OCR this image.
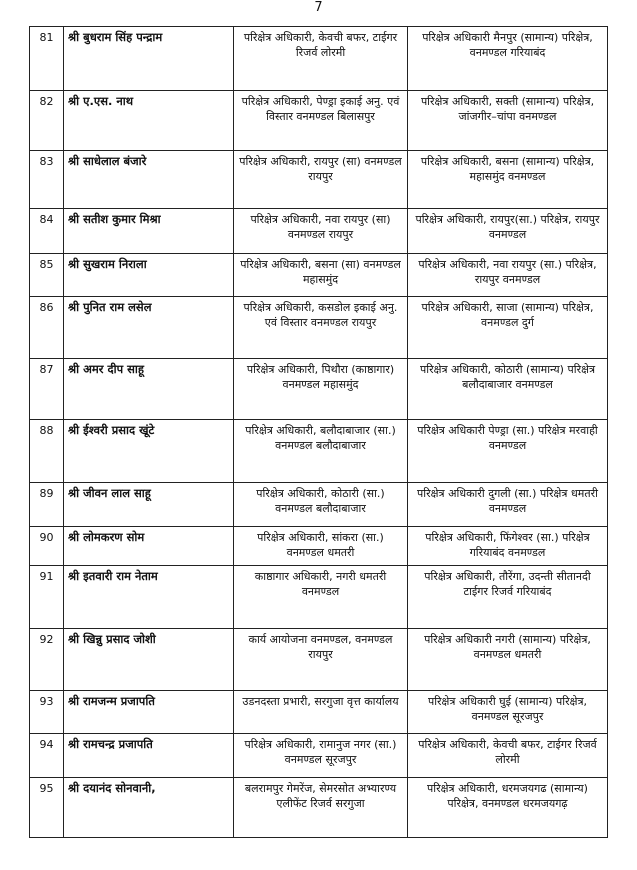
7
81	श्री बुधराम सिंह पन्द्राम	परिक्षेत्र अधिकारी, केवची बफर, टाईगर रिजर्व लोरमी	परिक्षेत्र अधिकारी मैनपुर (सामान्य) परिक्षेत्र, वनमण्डल गरियाबंद
82	श्री ए.एस. नाथ	परिक्षेत्र अधिकारी, पेण्ड्रा इकाई अनु. एवं विस्तार वनमण्डल बिलासपुर	परिक्षेत्र अधिकारी, सक्ती (सामान्य) परिक्षेत्र, जांजगीर–चांपा वनमण्डल
83	श्री साधेलाल बंजारे	परिक्षेत्र अधिकारी, रायपुर (सा) वनमण्डल रायपुर	परिक्षेत्र अधिकारी, बसना (सामान्य) परिक्षेत्र, महासमुंद वनमण्डल
84	श्री सतीश कुमार मिश्रा	परिक्षेत्र अधिकारी, नवा रायपुर (सा) वनमण्डल रायपुर	परिक्षेत्र अधिकारी, रायपुर(सा.) परिक्षेत्र, रायपुर वनमण्डल
85	श्री सुखराम निराला	परिक्षेत्र अधिकारी, बसना (सा) वनमण्डल महासमुंद	परिक्षेत्र अधिकारी, नवा रायपुर (सा.) परिक्षेत्र, रायपुर वनमण्डल
86	श्री पुनित राम लसेल	परिक्षेत्र अधिकारी, कसडोल इकाई अनु. एवं विस्तार वनमण्डल रायपुर	परिक्षेत्र अधिकारी, साजा (सामान्य) परिक्षेत्र, वनमण्डल दुर्ग
87	श्री अमर दीप साहू	परिक्षेत्र अधिकारी, पिथौरा (काष्ठागार) वनमण्डल महासमुंद	परिक्षेत्र अधिकारी, कोठारी (सामान्य) परिक्षेत्र बलौदाबाजार वनमण्डल
88	श्री ईश्वरी प्रसाद खूंटे	परिक्षेत्र अधिकारी, बलौदाबाजार (सा.) वनमण्डल बलौदाबाजार	परिक्षेत्र अधिकारी पेण्ड्रा (सा.) परिक्षेत्र मरवाही वनमण्डल
89	श्री जीवन लाल साहू	परिक्षेत्र अधिकारी, कोठारी (सा.) वनमण्डल बलौदाबाजार	परिक्षेत्र अधिकारी दुगली (सा.) परिक्षेत्र धमतरी वनमण्डल
90	श्री लोमकरण सोम	परिक्षेत्र अधिकारी, सांकरा (सा.) वनमण्डल धमतरी	परिक्षेत्र अधिकारी, फिंगेश्वर (सा.) परिक्षेत्र गरियाबंद वनमण्डल
91	श्री इतवारी राम नेताम	काष्ठागार अधिकारी, नगरी धमतरी वनमण्डल	परिक्षेत्र अधिकारी, तौरेंगा, उदन्ती सीतानदी टाईगर रिजर्व गरियाबंद
92	श्री खिन्नु प्रसाद जोशी	कार्य आयोजना वनमण्डल, वनमण्डल रायपुर	परिक्षेत्र अधिकारी नगरी (सामान्य) परिक्षेत्र, वनमण्डल धमतरी
93	श्री रामजन्म प्रजापति	उडनदस्ता प्रभारी, सरगुजा वृत्त कार्यालय	परिक्षेत्र अधिकारी घुई (सामान्य) परिक्षेत्र, वनमण्डल सूरजपुर
94	श्री रामचन्द्र प्रजापति	परिक्षेत्र अधिकारी, रामानुज नगर (सा.) वनमण्डल सूरजपुर	परिक्षेत्र अधिकारी, केवची बफर, टाईगर रिजर्व लोरमी
95	श्री दयानंद सोनवानी,	बलरामपुर गेमरेंज, सेमरसोत अभ्यारण्य एलीफेंट रिजर्व सरगुजा	परिक्षेत्र अधिकारी, धरमजयगढ (सामान्य) परिक्षेत्र, वनमण्डल धरमजयगढ़
